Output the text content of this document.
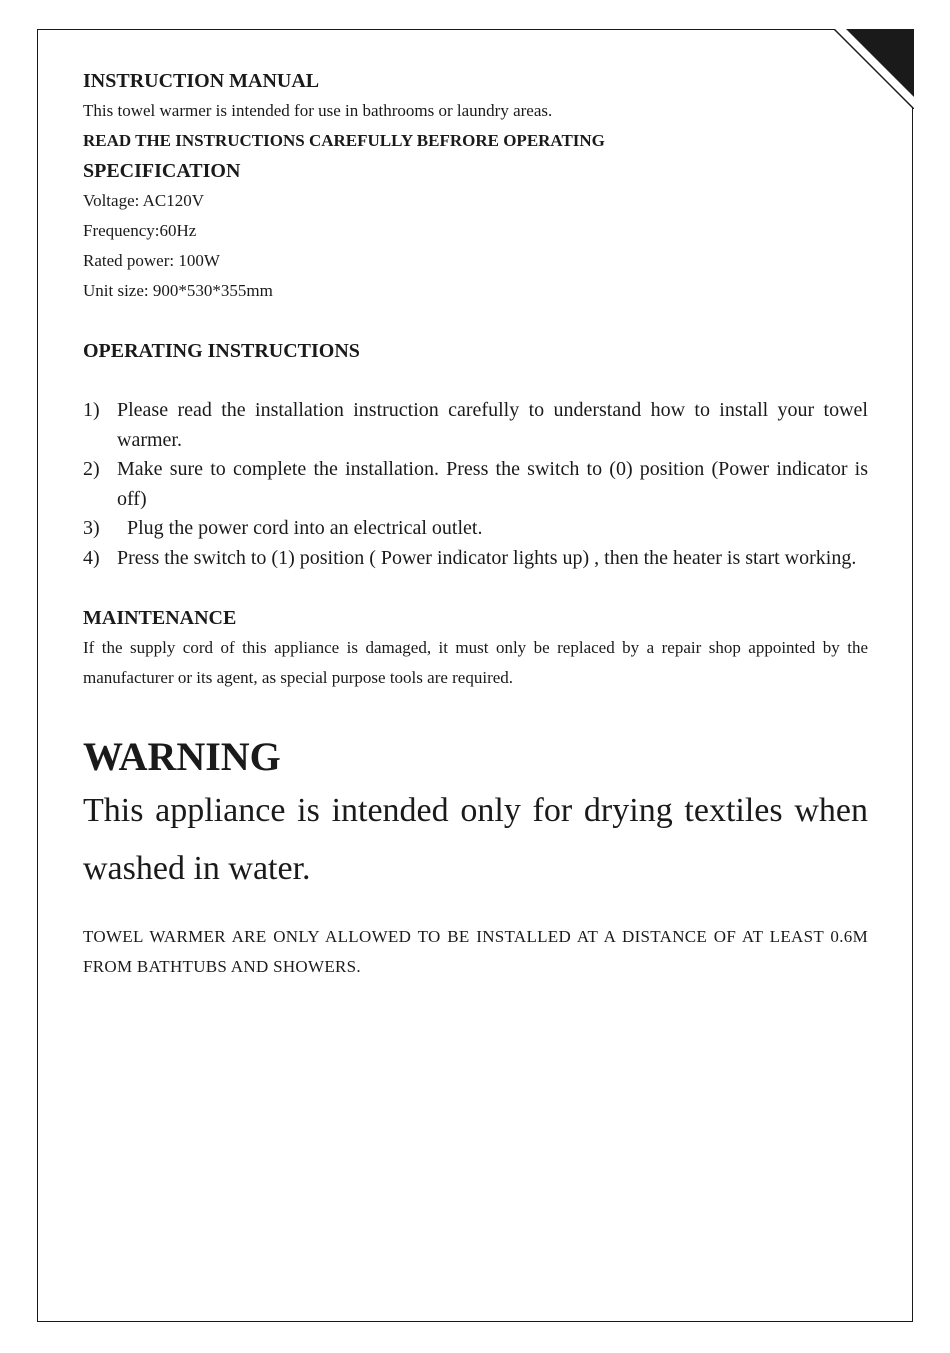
INSTRUCTION MANUAL

This towel warmer is intended for use in bathrooms or laundry areas.

READ THE INSTRUCTIONS CAREFULLY BEFRORE OPERATING

SPECIFICATION

Voltage: AC120V

Frequency:60Hz

Rated power: 100W

Unit size: 900*530*355mm

OPERATING INSTRUCTIONS

1) Please read the installation instruction carefully to understand how to install your towel warmer.
2) Make sure to complete the installation. Press the switch to (0) position (Power indicator is off)
3) Plug the power cord into an electrical outlet.
4) Press the switch to (1) position ( Power indicator lights up) , then the heater is start working.

MAINTENANCE

If the supply cord of this appliance is damaged, it must only be replaced by a repair shop appointed by the manufacturer or its agent, as special purpose tools are required.

WARNING

This appliance is intended only for drying textiles when washed in water.

TOWEL WARMER ARE ONLY ALLOWED TO BE INSTALLED AT A DISTANCE OF AT LEAST 0.6M FROM BATHTUBS AND SHOWERS.
